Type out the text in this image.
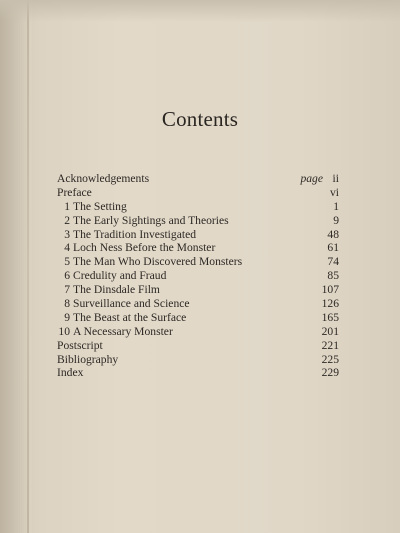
Contents
Acknowledgements	page ii
Preface	vi
1 The Setting	1
2 The Early Sightings and Theories	9
3 The Tradition Investigated	48
4 Loch Ness Before the Monster	61
5 The Man Who Discovered Monsters	74
6 Credulity and Fraud	85
7 The Dinsdale Film	107
8 Surveillance and Science	126
9 The Beast at the Surface	165
10 A Necessary Monster	201
Postscript	221
Bibliography	225
Index	229
